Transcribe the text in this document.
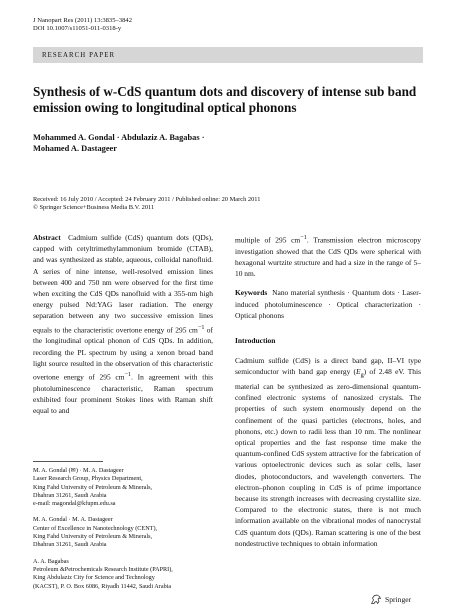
J Nanopart Res (2011) 13:3835–3842
DOI 10.1007/s11051-011-0318-y
RESEARCH PAPER
Synthesis of w-CdS quantum dots and discovery of intense sub band emission owing to longitudinal optical phonons
Mohammed A. Gondal · Abdulaziz A. Bagabas ·
Mohamed A. Dastageer
Received: 16 July 2010 / Accepted: 24 February 2011 / Published online: 20 March 2011
© Springer Science+Business Media B.V. 2011

Abstract Cadmium sulfide (CdS) quantum dots (QDs), capped with cetyltrimethylammonium bromide (CTAB), and was synthesized as stable, aqueous, colloidal nanofluid. A series of nine intense, well-resolved emission lines between 400 and 750 nm were observed for the first time when exciting the CdS QDs nanofluid with a 355-nm high energy pulsed Nd:YAG laser radiation. The energy separation between any two successive emission lines equals to the characteristic overtone energy of 295 $cm^{-1}$ of the longitudinal optical phonon of CdS QDs. In addition, recording the PL spectrum by using a xenon broad band light source resulted in the observation of this characteristic overtone energy of 295 $cm^{-1}$. In agreement with this photoluminescence characteristic, Raman spectrum exhibited four prominent Stokes lines with Raman shift equal to and

multiple of 295 $cm^{-1}$. Transmission electron microscopy investigation showed that the CdS QDs were spherical with hexagonal wurtzite structure and had a size in the range of 5–10 nm.

Keywords Nano material synthesis · Quantum dots · Laser-induced photoluminescence · Optical characterization · Optical phonons

Introduction

Cadmium sulfide (CdS) is a direct band gap, II–VI type semiconductor with band gap energy $(E_g)$ of 2.48 eV. This material can be synthesized as zero-dimensional quantum-confined electronic systems of nanosized crystals. The properties of such system enormously depend on the confinement of the quasi particles (electrons, holes, and phonons, etc.) down to radii less than 10 nm. The nonlinear optical properties and the fast response time make the quantum-confined CdS system attractive for the fabrication of various optoelectronic devices such as solar cells, laser diodes, photoconductors, and wavelength converters. The electron–phonon coupling in CdS is of prime importance because its strength increases with decreasing crystallite size. Compared to the electronic states, there is not much information available on the vibrational modes of nanocrystal CdS quantum dots (QDs). Raman scattering is one of the best nondestructive techniques to obtain information

M. A. Gondal (✉) · M. A. Dastageer
Laser Research Group, Physics Department,
King Fahd University of Petroleum & Minerals,
Dhahran 31261, Saudi Arabia
e-mail: magondal@kfupm.edu.sa

M. A. Gondal · M. A. Dastageer
Center of Excellence in Nanotechnology (CENT),
King Fahd University of Petroleum & Minerals,
Dhahran 31261, Saudi Arabia

A. A. Bagabas
Petroleum &Petrochemicals Research Institute (PAPRI),
King Abdulaziz City for Science and Technology
(KACST), P. O. Box 6086, Riyadh 11442, Saudi Arabia

Springer
